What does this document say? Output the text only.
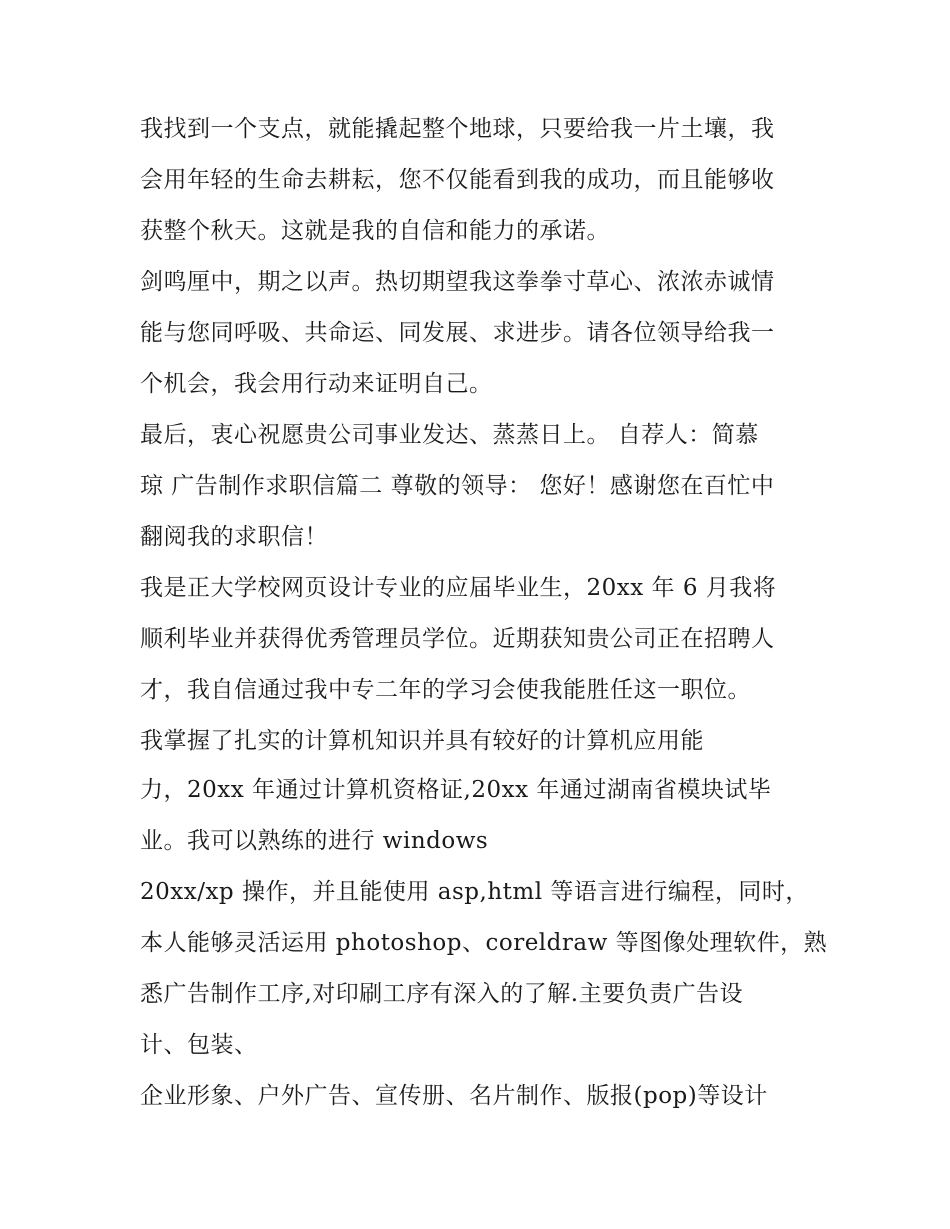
我找到一个支点，就能撬起整个地球，只要给我一片土壤，我
会用年轻的生命去耕耘，您不仅能看到我的成功，而且能够收
获整个秋天。这就是我的自信和能力的承诺。
剑鸣厘中，期之以声。热切期望我这拳拳寸草心、浓浓赤诚情
能与您同呼吸、共命运、同发展、求进步。请各位领导给我一
个机会，我会用行动来证明自己。
最后，衷心祝愿贵公司事业发达、蒸蒸日上。 自荐人：简慕
琼 广告制作求职信篇二 尊敬的领导： 您好！感谢您在百忙中
翻阅我的求职信！
我是正大学校网页设计专业的应届毕业生，20xx 年 6 月我将
顺利毕业并获得优秀管理员学位。近期获知贵公司正在招聘人
才，我自信通过我中专二年的学习会使我能胜任这一职位。
我掌握了扎实的计算机知识并具有较好的计算机应用能
力，20xx 年通过计算机资格证,20xx 年通过湖南省模块试毕
业。我可以熟练的进行 windows
20xx/xp 操作，并且能使用 asp,html 等语言进行编程，同时，
本人能够灵活运用 photoshop、coreldraw 等图像处理软件，熟
悉广告制作工序,对印刷工序有深入的了解.主要负责广告设
计、包装、
企业形象、户外广告、宣传册、名片制作、版报(pop)等设计
